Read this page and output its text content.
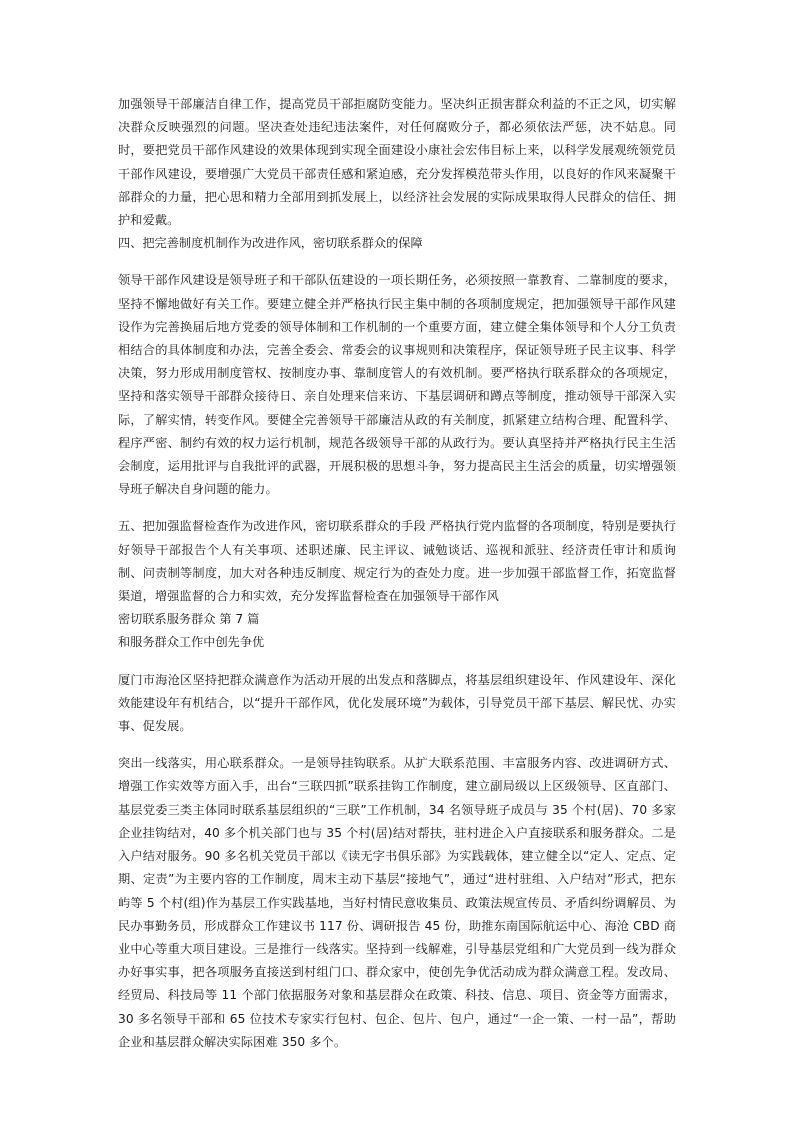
加强领导干部廉洁自律工作，提高党员干部拒腐防变能力。坚决纠正损害群众利益的不正之风，切实解决群众反映强烈的问题。坚决查处违纪违法案件，对任何腐败分子，都必须依法严惩，决不姑息。同时，要把党员干部作风建设的效果体现到实现全面建设小康社会宏伟目标上来，以科学发展观统领党员干部作风建设，要增强广大党员干部责任感和紧迫感，充分发挥模范带头作用，以良好的作风来凝聚干部群众的力量，把心思和精力全部用到抓发展上，以经济社会发展的实际成果取得人民群众的信任、拥护和爱戴。

四、把完善制度机制作为改进作风，密切联系群众的保障

领导干部作风建设是领导班子和干部队伍建设的一项长期任务，必须按照一靠教育、二靠制度的要求，坚持不懈地做好有关工作。要建立健全并严格执行民主集中制的各项制度规定，把加强领导干部作风建设作为完善换届后地方党委的领导体制和工作机制的一个重要方面，建立健全集体领导和个人分工负责相结合的具体制度和办法，完善全委会、常委会的议事规则和决策程序，保证领导班子民主议事、科学决策，努力形成用制度管权、按制度办事、靠制度管人的有效机制。要严格执行联系群众的各项规定，坚持和落实领导干部群众接待日、亲自处理来信来访、下基层调研和蹲点等制度，推动领导干部深入实际，了解实情，转变作风。要健全完善领导干部廉洁从政的有关制度，抓紧建立结构合理、配置科学、程序严密、制约有效的权力运行机制，规范各级领导干部的从政行为。要认真坚持并严格执行民主生活会制度，运用批评与自我批评的武器，开展积极的思想斗争，努力提高民主生活会的质量，切实增强领导班子解决自身问题的能力。

五、把加强监督检查作为改进作风，密切联系群众的手段 严格执行党内监督的各项制度，特别是要执行好领导干部报告个人有关事项、述职述廉、民主评议、诫勉谈话、巡视和派驻、经济责任审计和质询制、问责制等制度，加大对各种违反制度、规定行为的查处力度。进一步加强干部监督工作，拓宽监督渠道，增强监督的合力和实效，充分发挥监督检查在加强领导干部作风

密切联系服务群众 第 7 篇

和服务群众工作中创先争优

厦门市海沧区坚持把群众满意作为活动开展的出发点和落脚点，将基层组织建设年、作风建设年、深化效能建设年有机结合，以“提升干部作风，优化发展环境”为载体，引导党员干部下基层、解民忧、办实事、促发展。

突出一线落实，用心联系群众。一是领导挂钩联系。从扩大联系范围、丰富服务内容、改进调研方式、增强工作实效等方面入手，出台“三联四抓”联系挂钩工作制度，建立副局级以上区级领导、区直部门、基层党委三类主体同时联系基层组织的“三联”工作机制，34 名领导班子成员与 35 个村(居)、70 多家企业挂钩结对，40 多个机关部门也与 35 个村(居)结对帮扶，驻村进企入户直接联系和服务群众。二是入户结对服务。90 多名机关党员干部以《读无字书俱乐部》为实践载体，建立健全以“定人、定点、定期、定责”为主要内容的工作制度，周末主动下基层“接地气”，通过“进村驻组、入户结对”形式，把东屿等 5 个村(组)作为基层工作实践基地，当好村情民意收集员、政策法规宣传员、矛盾纠纷调解员、为民办事勤务员，形成群众工作建议书 117 份、调研报告 45 份，助推东南国际航运中心、海沧 CBD 商业中心等重大项目建设。三是推行一线落实。坚持到一线解难，引导基层党组和广大党员到一线为群众办好事实事，把各项服务直接送到村组门口、群众家中，使创先争优活动成为群众满意工程。发改局、经贸局、科技局等 11 个部门依据服务对象和基层群众在政策、科技、信息、项目、资金等方面需求，30 多名领导干部和 65 位技术专家实行包村、包企、包片、包户，通过“一企一策、一村一品”，帮助企业和基层群众解决实际困难 350 多个。
